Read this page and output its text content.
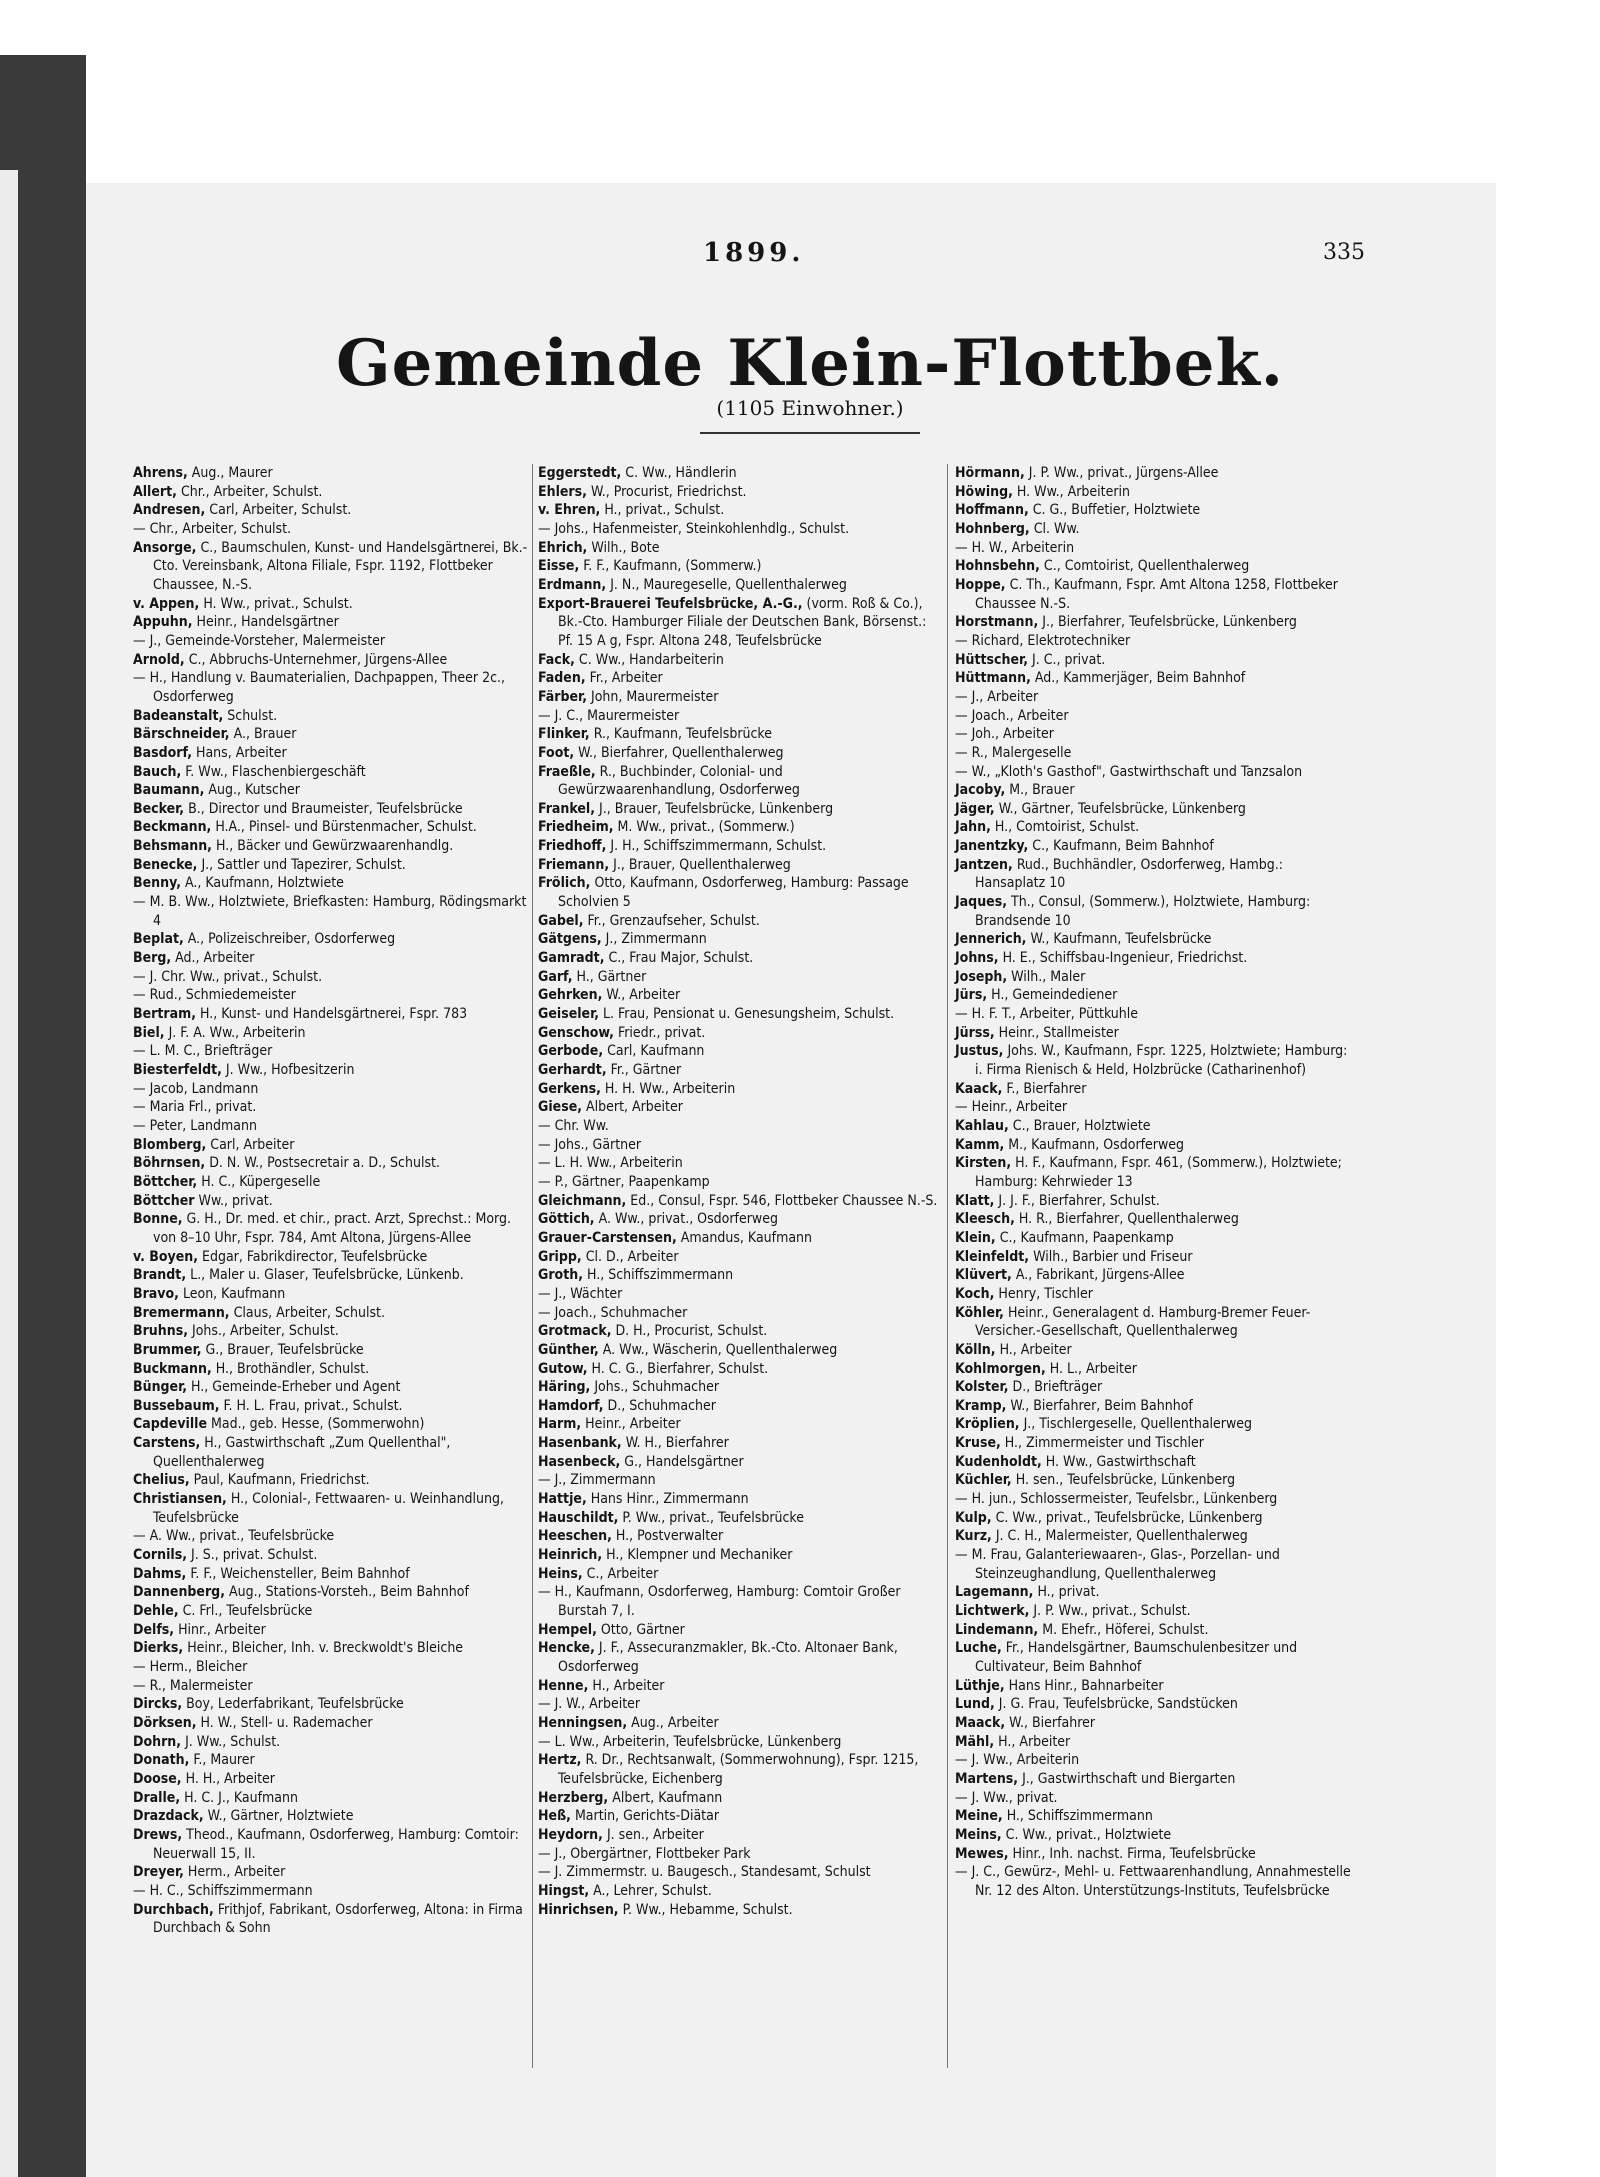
1899.	335
Gemeinde Klein-Flottbek.
(1105 Einwohner.)

Ahrens, Aug., Maurer

Allert, Chr., Arbeiter, Schulst.

Andresen, Carl, Arbeiter, Schulst.

— Chr., Arbeiter, Schulst.

Ansorge, C., Baumschulen, Kunst- und Handelsgärtnerei, Bk.-Cto. Vereinsbank, Altona Filiale, Fspr. 1192, Flottbeker Chaussee, N.-S.

v. Appen, H. Ww., privat., Schulst.

Appuhn, Heinr., Handelsgärtner

— J., Gemeinde-Vorsteher, Malermeister

Arnold, C., Abbruchs-Unternehmer, Jürgens-Allee

— H., Handlung v. Baumaterialien, Dachpappen, Theer 2c., Osdorferweg

Badeanstalt, Schulst.

Bärschneider, A., Brauer

Basdorf, Hans, Arbeiter

Bauch, F. Ww., Flaschenbiergeschäft

Baumann, Aug., Kutscher

Becker, B., Director und Braumeister, Teufelsbrücke

Beckmann, H.A., Pinsel- und Bürstenmacher, Schulst.

Behsmann, H., Bäcker und Gewürzwaarenhandlg.

Benecke, J., Sattler und Tapezirer, Schulst.

Benny, A., Kaufmann, Holztwiete

— M. B. Ww., Holztwiete, Briefkasten: Hamburg, Rödingsmarkt 4

Beplat, A., Polizeischreiber, Osdorferweg

Berg, Ad., Arbeiter

— J. Chr. Ww., privat., Schulst.

— Rud., Schmiedemeister

Bertram, H., Kunst- und Handelsgärtnerei, Fspr. 783

Biel, J. F. A. Ww., Arbeiterin

— L. M. C., Briefträger

Biesterfeldt, J. Ww., Hofbesitzerin

— Jacob, Landmann

— Maria Frl., privat.

— Peter, Landmann

Blomberg, Carl, Arbeiter

Böhrnsen, D. N. W., Postsecretair a. D., Schulst.

Böttcher, H. C., Küpergeselle

Böttcher Ww., privat.

Bonne, G. H., Dr. med. et chir., pract. Arzt, Sprechst.: Morg. von 8–10 Uhr, Fspr. 784, Amt Altona, Jürgens-Allee

v. Boyen, Edgar, Fabrikdirector, Teufelsbrücke

Brandt, L., Maler u. Glaser, Teufelsbrücke, Lünkenb.

Bravo, Leon, Kaufmann

Bremermann, Claus, Arbeiter, Schulst.

Bruhns, Johs., Arbeiter, Schulst.

Brummer, G., Brauer, Teufelsbrücke

Buckmann, H., Brothändler, Schulst.

Bünger, H., Gemeinde-Erheber und Agent

Bussebaum, F. H. L. Frau, privat., Schulst.

Capdeville Mad., geb. Hesse, (Sommerwohn)

Carstens, H., Gastwirthschaft „Zum Quellenthal", Quellenthalerweg

Chelius, Paul, Kaufmann, Friedrichst.

Christiansen, H., Colonial-, Fettwaaren- u. Weinhandlung, Teufelsbrücke

— A. Ww., privat., Teufelsbrücke

Cornils, J. S., privat. Schulst.

Dahms, F. F., Weichensteller, Beim Bahnhof

Dannenberg, Aug., Stations-Vorsteh., Beim Bahnhof

Dehle, C. Frl., Teufelsbrücke

Delfs, Hinr., Arbeiter

Dierks, Heinr., Bleicher, Inh. v. Breckwoldt's Bleiche

— Herm., Bleicher

— R., Malermeister

Dircks, Boy, Lederfabrikant, Teufelsbrücke

Dörksen, H. W., Stell- u. Rademacher

Dohrn, J. Ww., Schulst.

Donath, F., Maurer

Doose, H. H., Arbeiter

Dralle, H. C. J., Kaufmann

Drazdack, W., Gärtner, Holztwiete

Drews, Theod., Kaufmann, Osdorferweg, Hamburg: Comtoir: Neuerwall 15, II.

Dreyer, Herm., Arbeiter

— H. C., Schiffszimmermann

Durchbach, Frithjof, Fabrikant, Osdorferweg, Altona: in Firma Durchbach & Sohn

Eggerstedt, C. Ww., Händlerin

Ehlers, W., Procurist, Friedrichst.

v. Ehren, H., privat., Schulst.

— Johs., Hafenmeister, Steinkohlenhdlg., Schulst.

Ehrich, Wilh., Bote

Eisse, F. F., Kaufmann, (Sommerw.)

Erdmann, J. N., Mauregeselle, Quellenthalerweg

Export-Brauerei Teufelsbrücke, A.-G., (vorm. Roß & Co.), Bk.-Cto. Hamburger Filiale der Deutschen Bank, Börsenst.: Pf. 15 A g, Fspr. Altona 248, Teufelsbrücke

Fack, C. Ww., Handarbeiterin

Faden, Fr., Arbeiter

Färber, John, Maurermeister

— J. C., Maurermeister

Flinker, R., Kaufmann, Teufelsbrücke

Foot, W., Bierfahrer, Quellenthalerweg

Fraeßle, R., Buchbinder, Colonial- und Gewürzwaarenhandlung, Osdorferweg

Frankel, J., Brauer, Teufelsbrücke, Lünkenberg

Friedheim, M. Ww., privat., (Sommerw.)

Friedhoff, J. H., Schiffszimmermann, Schulst.

Friemann, J., Brauer, Quellenthalerweg

Frölich, Otto, Kaufmann, Osdorferweg, Hamburg: Passage Scholvien 5

Gabel, Fr., Grenzaufseher, Schulst.

Gätgens, J., Zimmermann

Gamradt, C., Frau Major, Schulst.

Garf, H., Gärtner

Gehrken, W., Arbeiter

Geiseler, L. Frau, Pensionat u. Genesungsheim, Schulst.

Genschow, Friedr., privat.

Gerbode, Carl, Kaufmann

Gerhardt, Fr., Gärtner

Gerkens, H. H. Ww., Arbeiterin

Giese, Albert, Arbeiter

— Chr. Ww.

— Johs., Gärtner

— L. H. Ww., Arbeiterin

— P., Gärtner, Paapenkamp

Gleichmann, Ed., Consul, Fspr. 546, Flottbeker Chaussee N.-S.

Göttich, A. Ww., privat., Osdorferweg

Grauer-Carstensen, Amandus, Kaufmann

Gripp, Cl. D., Arbeiter

Groth, H., Schiffszimmermann

— J., Wächter

— Joach., Schuhmacher

Grotmack, D. H., Procurist, Schulst.

Günther, A. Ww., Wäscherin, Quellenthalerweg

Gutow, H. C. G., Bierfahrer, Schulst.

Häring, Johs., Schuhmacher

Hamdorf, D., Schuhmacher

Harm, Heinr., Arbeiter

Hasenbank, W. H., Bierfahrer

Hasenbeck, G., Handelsgärtner

— J., Zimmermann

Hattje, Hans Hinr., Zimmermann

Hauschildt, P. Ww., privat., Teufelsbrücke

Heeschen, H., Postverwalter

Heinrich, H., Klempner und Mechaniker

Heins, C., Arbeiter

— H., Kaufmann, Osdorferweg, Hamburg: Comtoir Großer Burstah 7, I.

Hempel, Otto, Gärtner

Hencke, J. F., Assecuranzmakler, Bk.-Cto. Altonaer Bank, Osdorferweg

Henne, H., Arbeiter

— J. W., Arbeiter

Henningsen, Aug., Arbeiter

— L. Ww., Arbeiterin, Teufelsbrücke, Lünkenberg

Hertz, R. Dr., Rechtsanwalt, (Sommerwohnung), Fspr. 1215, Teufelsbrücke, Eichenberg

Herzberg, Albert, Kaufmann

Heß, Martin, Gerichts-Diätar

Heydorn, J. sen., Arbeiter

— J., Obergärtner, Flottbeker Park

— J. Zimmermstr. u. Baugesch., Standesamt, Schulst

Hingst, A., Lehrer, Schulst.

Hinrichsen, P. Ww., Hebamme, Schulst.

Hörmann, J. P. Ww., privat., Jürgens-Allee

Höwing, H. Ww., Arbeiterin

Hoffmann, C. G., Buffetier, Holztwiete

Hohnberg, Cl. Ww.

— H. W., Arbeiterin

Hohnsbehn, C., Comtoirist, Quellenthalerweg

Hoppe, C. Th., Kaufmann, Fspr. Amt Altona 1258, Flottbeker Chaussee N.-S.

Horstmann, J., Bierfahrer, Teufelsbrücke, Lünkenberg

— Richard, Elektrotechniker

Hüttscher, J. C., privat.

Hüttmann, Ad., Kammerjäger, Beim Bahnhof

— J., Arbeiter

— Joach., Arbeiter

— Joh., Arbeiter

— R., Malergeselle

— W., „Kloth's Gasthof", Gastwirthschaft und Tanzsalon

Jacoby, M., Brauer

Jäger, W., Gärtner, Teufelsbrücke, Lünkenberg

Jahn, H., Comtoirist, Schulst.

Janentzky, C., Kaufmann, Beim Bahnhof

Jantzen, Rud., Buchhändler, Osdorferweg, Hambg.: Hansaplatz 10

Jaques, Th., Consul, (Sommerw.), Holztwiete, Hamburg: Brandsende 10

Jennerich, W., Kaufmann, Teufelsbrücke

Johns, H. E., Schiffsbau-Ingenieur, Friedrichst.

Joseph, Wilh., Maler

Jürs, H., Gemeindediener

— H. F. T., Arbeiter, Püttkuhle

Jürss, Heinr., Stallmeister

Justus, Johs. W., Kaufmann, Fspr. 1225, Holztwiete; Hamburg: i. Firma Rienisch & Held, Holzbrücke (Catharinenhof)

Kaack, F., Bierfahrer

— Heinr., Arbeiter

Kahlau, C., Brauer, Holztwiete

Kamm, M., Kaufmann, Osdorferweg

Kirsten, H. F., Kaufmann, Fspr. 461, (Sommerw.), Holztwiete; Hamburg: Kehrwieder 13

Klatt, J. J. F., Bierfahrer, Schulst.

Kleesch, H. R., Bierfahrer, Quellenthalerweg

Klein, C., Kaufmann, Paapenkamp

Kleinfeldt, Wilh., Barbier und Friseur

Klüvert, A., Fabrikant, Jürgens-Allee

Koch, Henry, Tischler

Köhler, Heinr., Generalagent d. Hamburg-Bremer Feuer-Versicher.-Gesellschaft, Quellenthalerweg

Kölln, H., Arbeiter

Kohlmorgen, H. L., Arbeiter

Kolster, D., Briefträger

Kramp, W., Bierfahrer, Beim Bahnhof

Kröplien, J., Tischlergeselle, Quellenthalerweg

Kruse, H., Zimmermeister und Tischler

Kudenholdt, H. Ww., Gastwirthschaft

Küchler, H. sen., Teufelsbrücke, Lünkenberg

— H. jun., Schlossermeister, Teufelsbr., Lünkenberg

Kulp, C. Ww., privat., Teufelsbrücke, Lünkenberg

Kurz, J. C. H., Malermeister, Quellenthalerweg

— M. Frau, Galanteriewaaren-, Glas-, Porzellan- und Steinzeughandlung, Quellenthalerweg

Lagemann, H., privat.

Lichtwerk, J. P. Ww., privat., Schulst.

Lindemann, M. Ehefr., Höferei, Schulst.

Luche, Fr., Handelsgärtner, Baumschulenbesitzer und Cultivateur, Beim Bahnhof

Lüthje, Hans Hinr., Bahnarbeiter

Lund, J. G. Frau, Teufelsbrücke, Sandstücken

Maack, W., Bierfahrer

Mähl, H., Arbeiter

— J. Ww., Arbeiterin

Martens, J., Gastwirthschaft und Biergarten

— J. Ww., privat.

Meine, H., Schiffszimmermann

Meins, C. Ww., privat., Holztwiete

Mewes, Hinr., Inh. nachst. Firma, Teufelsbrücke

— J. C., Gewürz-, Mehl- u. Fettwaarenhandlung, Annahmestelle Nr. 12 des Alton. Unterstützungs-Instituts, Teufelsbrücke
